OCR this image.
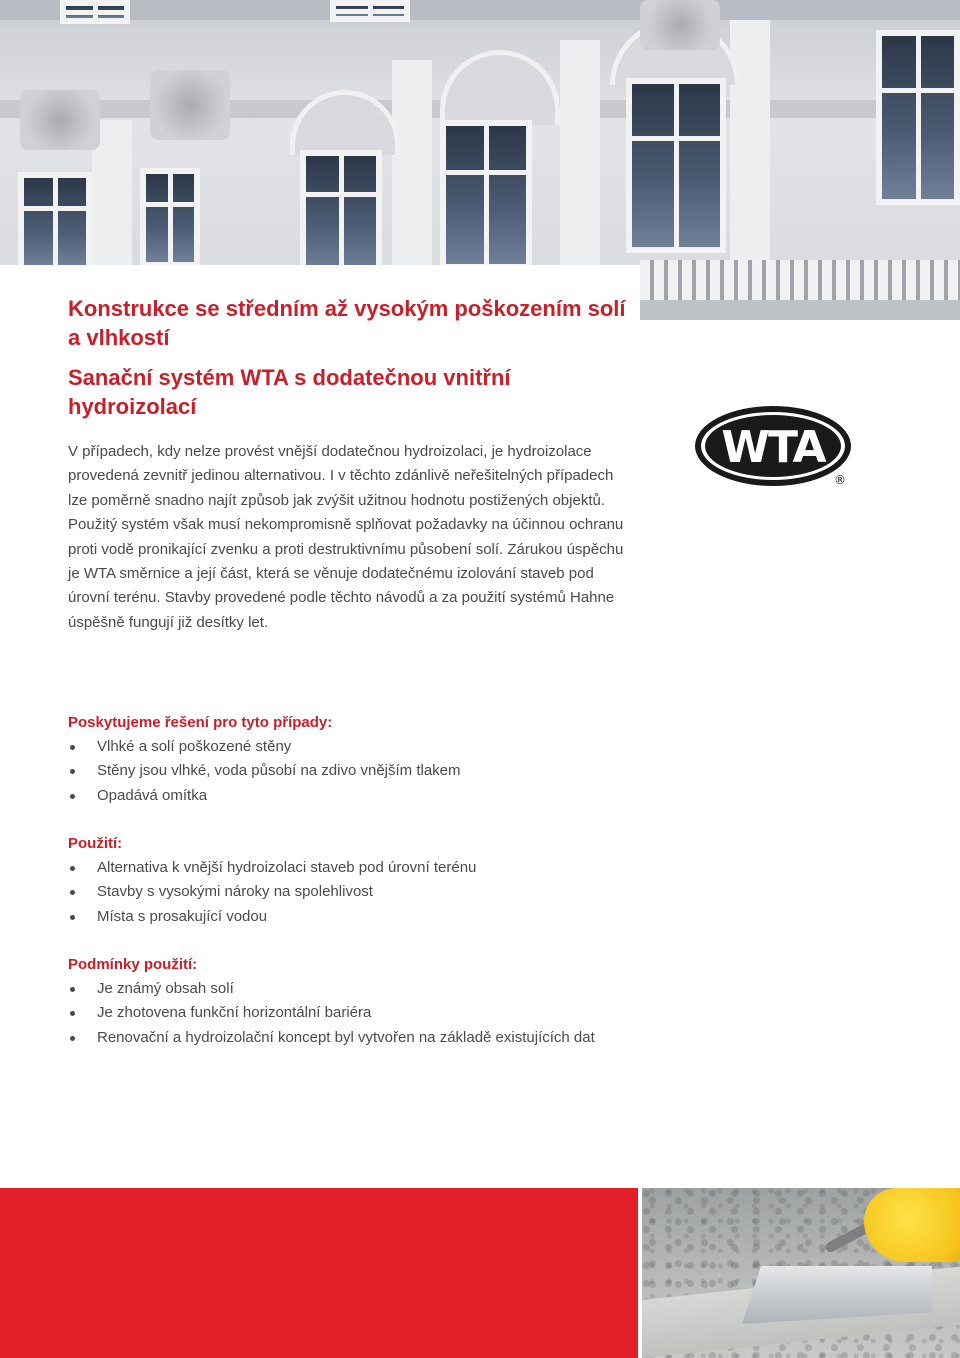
Konstrukce se středním až vysokým poškozením solí a vlhkostí
Sanační systém WTA s dodatečnou vnitřní hydroizolací

V případech, kdy nelze provést vnější dodatečnou hydroizolaci, je hydroizolace provedená zevnitř jedinou alternativou. I v těchto zdánlivě neřešitelných případech lze poměrně snadno najít způsob jak zvýšit užitnou hodnotu postižených objektů. Použitý systém však musí nekompromisně splňovat požadavky na účinnou ochranu proti vodě pronikající zvenku a proti destruktivnímu působení solí. Zárukou úspěchu je WTA směrnice a její část, která se věnuje dodatečnému izolování staveb pod úrovní terénu. Stavby provedené podle těchto návodů a za použití systémů Hahne úspěšně fungují již desítky let.

Poskytujeme řešení pro tyto případy:
Vlhké a solí poškozené stěny
Stěny jsou vlhké, voda působí na zdivo vnějším tlakem
Opadává omítka
Použití:
Alternativa k vnější hydroizolaci staveb pod úrovní terénu
Stavby s vysokými nároky na spolehlivost
Místa s prosakující vodou
Podmínky použití:
Je známý obsah solí
Je zhotovena funkční horizontální bariéra
Renovační a hydroizolační koncept byl vytvořen na základě existujících dat
WTA
®
